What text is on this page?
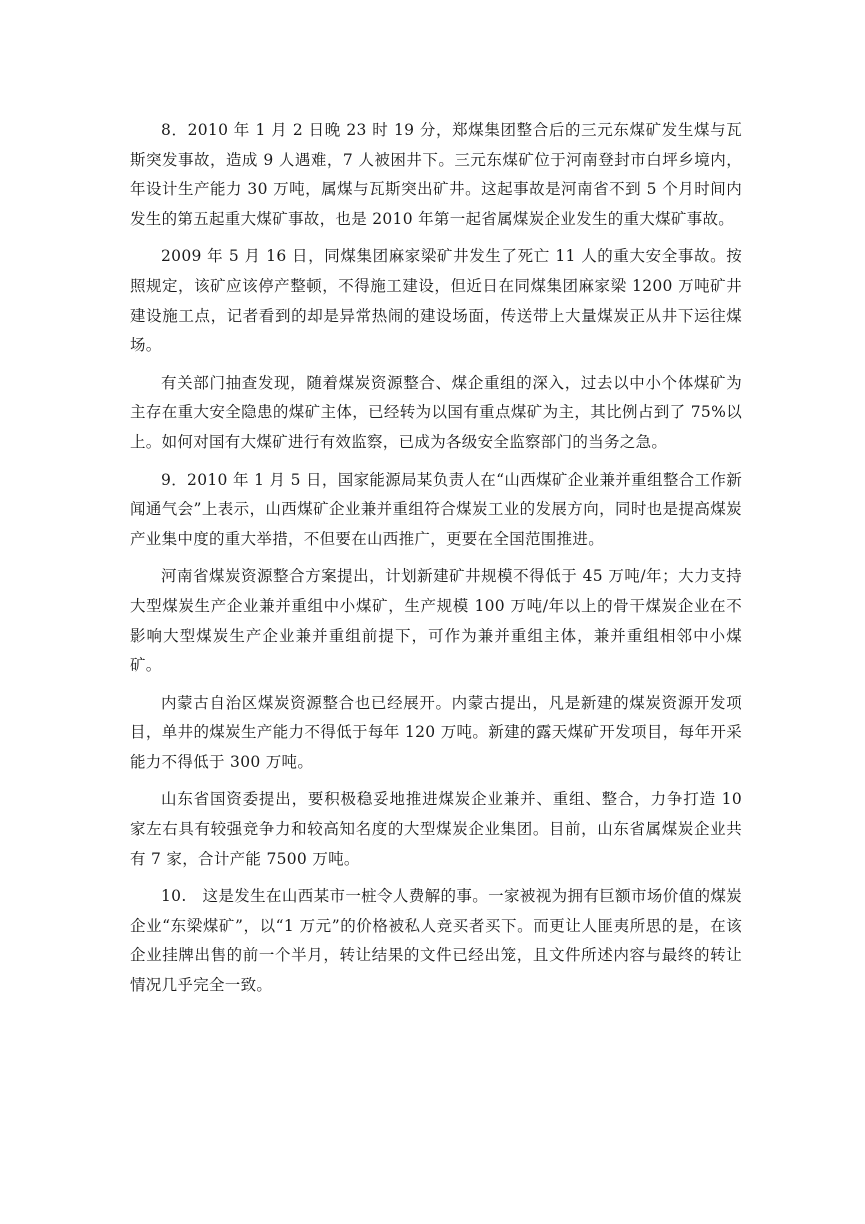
8．2010 年 1 月 2 日晚 23 时 19 分，郑煤集团整合后的三元东煤矿发生煤与瓦斯突发事故，造成 9 人遇难，7 人被困井下。三元东煤矿位于河南登封市白坪乡境内，年设计生产能力 30 万吨，属煤与瓦斯突出矿井。这起事故是河南省不到 5 个月时间内发生的第五起重大煤矿事故，也是 2010 年第一起省属煤炭企业发生的重大煤矿事故。

2009 年 5 月 16 日，同煤集团麻家梁矿井发生了死亡 11 人的重大安全事故。按照规定，该矿应该停产整顿，不得施工建设，但近日在同煤集团麻家梁 1200 万吨矿井建设施工点，记者看到的却是异常热闹的建设场面，传送带上大量煤炭正从井下运往煤场。

有关部门抽查发现，随着煤炭资源整合、煤企重组的深入，过去以中小个体煤矿为主存在重大安全隐患的煤矿主体，已经转为以国有重点煤矿为主，其比例占到了 75%以上。如何对国有大煤矿进行有效监察，已成为各级安全监察部门的当务之急。

9．2010 年 1 月 5 日，国家能源局某负责人在“山西煤矿企业兼并重组整合工作新闻通气会”上表示，山西煤矿企业兼并重组符合煤炭工业的发展方向，同时也是提高煤炭产业集中度的重大举措，不但要在山西推广，更要在全国范围推进。

河南省煤炭资源整合方案提出，计划新建矿井规模不得低于 45 万吨/年；大力支持大型煤炭生产企业兼并重组中小煤矿，生产规模 100 万吨/年以上的骨干煤炭企业在不影响大型煤炭生产企业兼并重组前提下，可作为兼并重组主体，兼并重组相邻中小煤矿。

内蒙古自治区煤炭资源整合也已经展开。内蒙古提出，凡是新建的煤炭资源开发项目，单井的煤炭生产能力不得低于每年 120 万吨。新建的露天煤矿开发项目，每年开采能力不得低于 300 万吨。

山东省国资委提出，要积极稳妥地推进煤炭企业兼并、重组、整合，力争打造 10 家左右具有较强竞争力和较高知名度的大型煤炭企业集团。目前，山东省属煤炭企业共有 7 家，合计产能 7500 万吨。

10.　这是发生在山西某市一桩令人费解的事。一家被视为拥有巨额市场价值的煤炭企业“东梁煤矿”，以“1 万元”的价格被私人竞买者买下。而更让人匪夷所思的是，在该企业挂牌出售的前一个半月，转让结果的文件已经出笼，且文件所述内容与最终的转让情况几乎完全一致。
